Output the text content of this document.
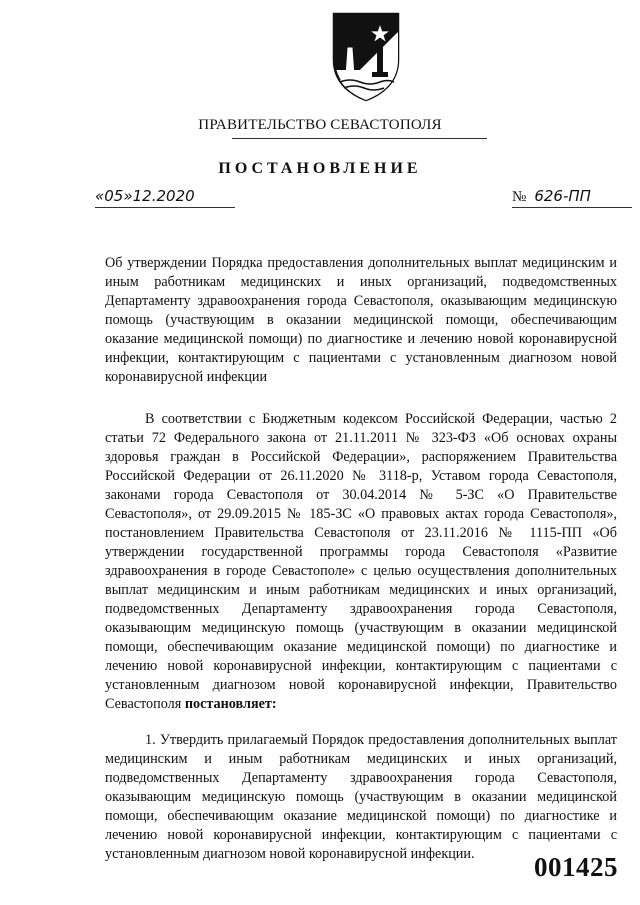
ПРАВИТЕЛЬСТВО СЕВАСТОПОЛЯ
ПОСТАНОВЛЕНИЕ
«05»12.2020	№ 626-ПП
Об утверждении Порядка предоставления дополнительных выплат медицинским и иным работникам медицинских и иных организаций, подведомственных Департаменту здравоохранения города Севастополя, оказывающим медицинскую помощь (участвующим в оказании медицинской помощи, обеспечивающим оказание медицинской помощи) по диагностике и лечению новой коронавирусной инфекции, контактирующим с пациентами с установленным диагнозом новой коронавирусной инфекции

В соответствии с Бюджетным кодексом Российской Федерации, частью 2 статьи 72 Федерального закона от 21.11.2011 № 323-ФЗ «Об основах охраны здоровья граждан в Российской Федерации», распоряжением Правительства Российской Федерации от 26.11.2020 № 3118-р, Уставом города Севастополя, законами города Севастополя от 30.04.2014 № 5-ЗС «О Правительстве Севастополя», от 29.09.2015 № 185-ЗС «О правовых актах города Севастополя», постановлением Правительства Севастополя от 23.11.2016 № 1115-ПП «Об утверждении государственной программы города Севастополя «Развитие здравоохранения в городе Севастополе» с целью осуществления дополнительных выплат медицинским и иным работникам медицинских и иных организаций, подведомственных Департаменту здравоохранения города Севастополя, оказывающим медицинскую помощь (участвующим в оказании медицинской помощи, обеспечивающим оказание медицинской помощи) по диагностике и лечению новой коронавирусной инфекции, контактирующим с пациентами с установленным диагнозом новой коронавирусной инфекции, Правительство Севастополя постановляет:

1. Утвердить прилагаемый Порядок предоставления дополнительных выплат медицинским и иным работникам медицинских и иных организаций, подведомственных Департаменту здравоохранения города Севастополя, оказывающим медицинскую помощь (участвующим в оказании медицинской помощи, обеспечивающим оказание медицинской помощи) по диагностике и лечению новой коронавирусной инфекции, контактирующим с пациентами с установленным диагнозом новой коронавирусной инфекции.	001425
